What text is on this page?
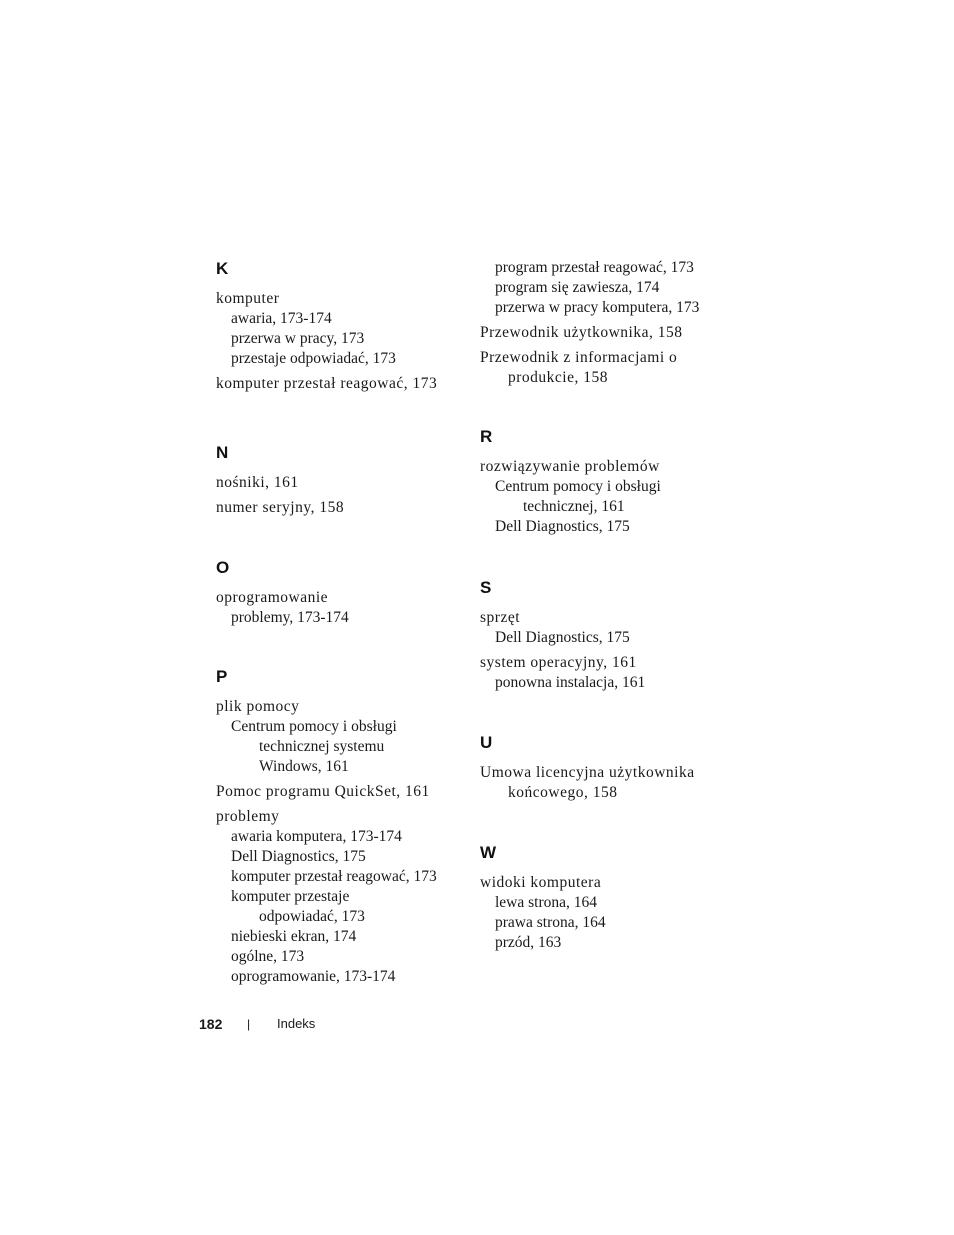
K
komputer
awaria, 173-174
przerwa w pracy, 173
przestaje odpowiadać, 173
komputer przestał reagować, 173
N
nośniki, 161
numer seryjny, 158
O
oprogramowanie
problemy, 173-174
P
plik pomocy
Centrum pomocy i obsługi
technicznej systemu
Windows, 161
Pomoc programu QuickSet, 161
problemy
awaria komputera, 173-174
Dell Diagnostics, 175
komputer przestał reagować, 173
komputer przestaje
odpowiadać, 173
niebieski ekran, 174
ogólne, 173
oprogramowanie, 173-174
program przestał reagować, 173
program się zawiesza, 174
przerwa w pracy komputera, 173
Przewodnik użytkownika, 158
Przewodnik z informacjami o
produkcie, 158
R
rozwiązywanie problemów
Centrum pomocy i obsługi
technicznej, 161
Dell Diagnostics, 175
S
sprzęt
Dell Diagnostics, 175
system operacyjny, 161
ponowna instalacja, 161
U
Umowa licencyjna użytkownika
końcowego, 158
W
widoki komputera
lewa strona, 164
prawa strona, 164
przód, 163
182 | Indeks
